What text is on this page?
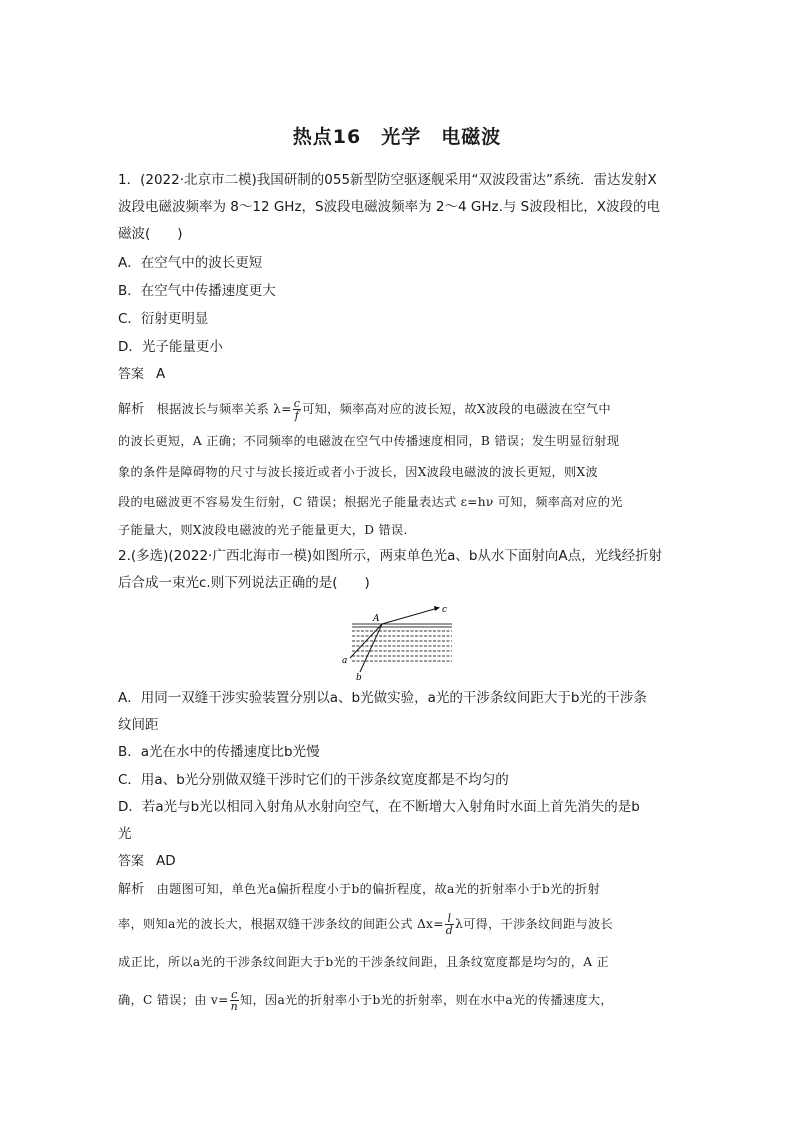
热点16　光学　电磁波
1．(2022·北京市二模)我国研制的055新型防空驱逐舰采用“双波段雷达”系统．雷达发射X
波段电磁波频率为 8～12 GHz，S波段电磁波频率为 2～4 GHz.与 S波段相比，X波段的电
磁波(　　)
A．在空气中的波长更短
B．在空气中传播速度更大
C．衍射更明显
D．光子能量更小
答案 A
解析 根据波长与频率关系 $\lambda= \frac{c}{f}$ 可知，频率高对应的波长短，故X波段的电磁波在空气中
的波长更短，A 正确；不同频率的电磁波在空气中传播速度相同，B 错误；发生明显衍射现
象的条件是障碍物的尺寸与波长接近或者小于波长，因X波段电磁波的波长更短，则X波
段的电磁波更不容易发生衍射，C 错误；根据光子能量表达式 ε=hν 可知，频率高对应的光
子能量大，则X波段电磁波的光子能量更大，D 错误.
2.(多选)(2022·广西北海市一模)如图所示，两束单色光a、b从水下面射向A点，光线经折射
后合成一束光c.则下列说法正确的是(　　)
A
a
b
c
A．用同一双缝干涉实验装置分别以a、b光做实验，a光的干涉条纹间距大于b光的干涉条
纹间距
B．a光在水中的传播速度比b光慢
C．用a、b光分别做双缝干涉时它们的干涉条纹宽度都是不均匀的
D．若a光与b光以相同入射角从水射向空气，在不断增大入射角时水面上首先消失的是b
光
答案 AD
解析 由题图可知，单色光a偏折程度小于b的偏折程度，故a光的折射率小于b光的折射
率，则知a光的波长大，根据双缝干涉条纹的间距公式 $\Delta x= \frac{l}{d}$ λ可得，干涉条纹间距与波长
成正比，所以a光的干涉条纹间距大于b光的干涉条纹间距，且条纹宽度都是均匀的，A 正
确，C 错误；由 $v= \frac{c}{n}$ 知，因a光的折射率小于b光的折射率，则在水中a光的传播速度大，
